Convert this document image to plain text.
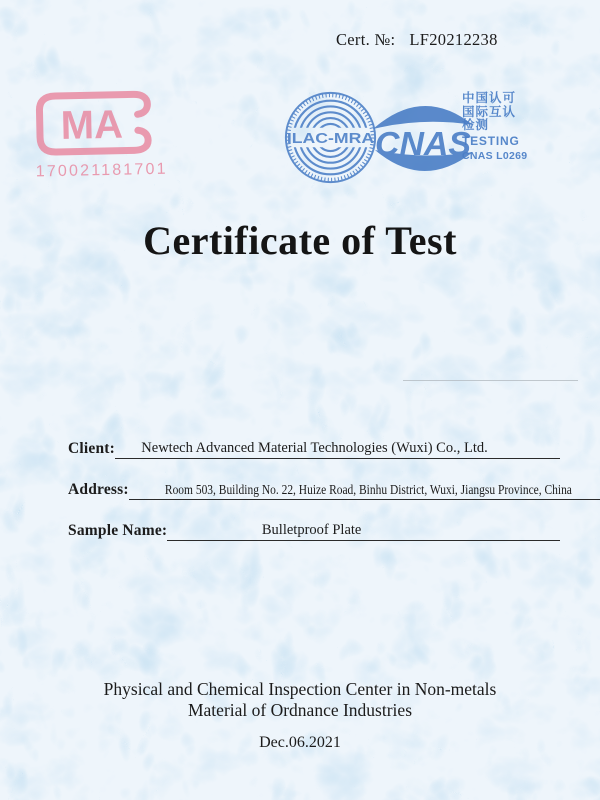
Cert. №: LF20212238
MA
170021181701
ILAC-MRA CNAS
中国认可
国际互认
检测
TESTING
CNAS L0269
Certificate of Test
Client: Newtech Advanced Material Technologies (Wuxi) Co., Ltd.
Address:	Room 503, Building No. 22, Huize Road, Binhu District, Wuxi, Jiangsu Province, China
Sample Name:	Bulletproof Plate
Physical and Chemical Inspection Center in Non-metals
Material of Ordnance Industries
Dec.06.2021
